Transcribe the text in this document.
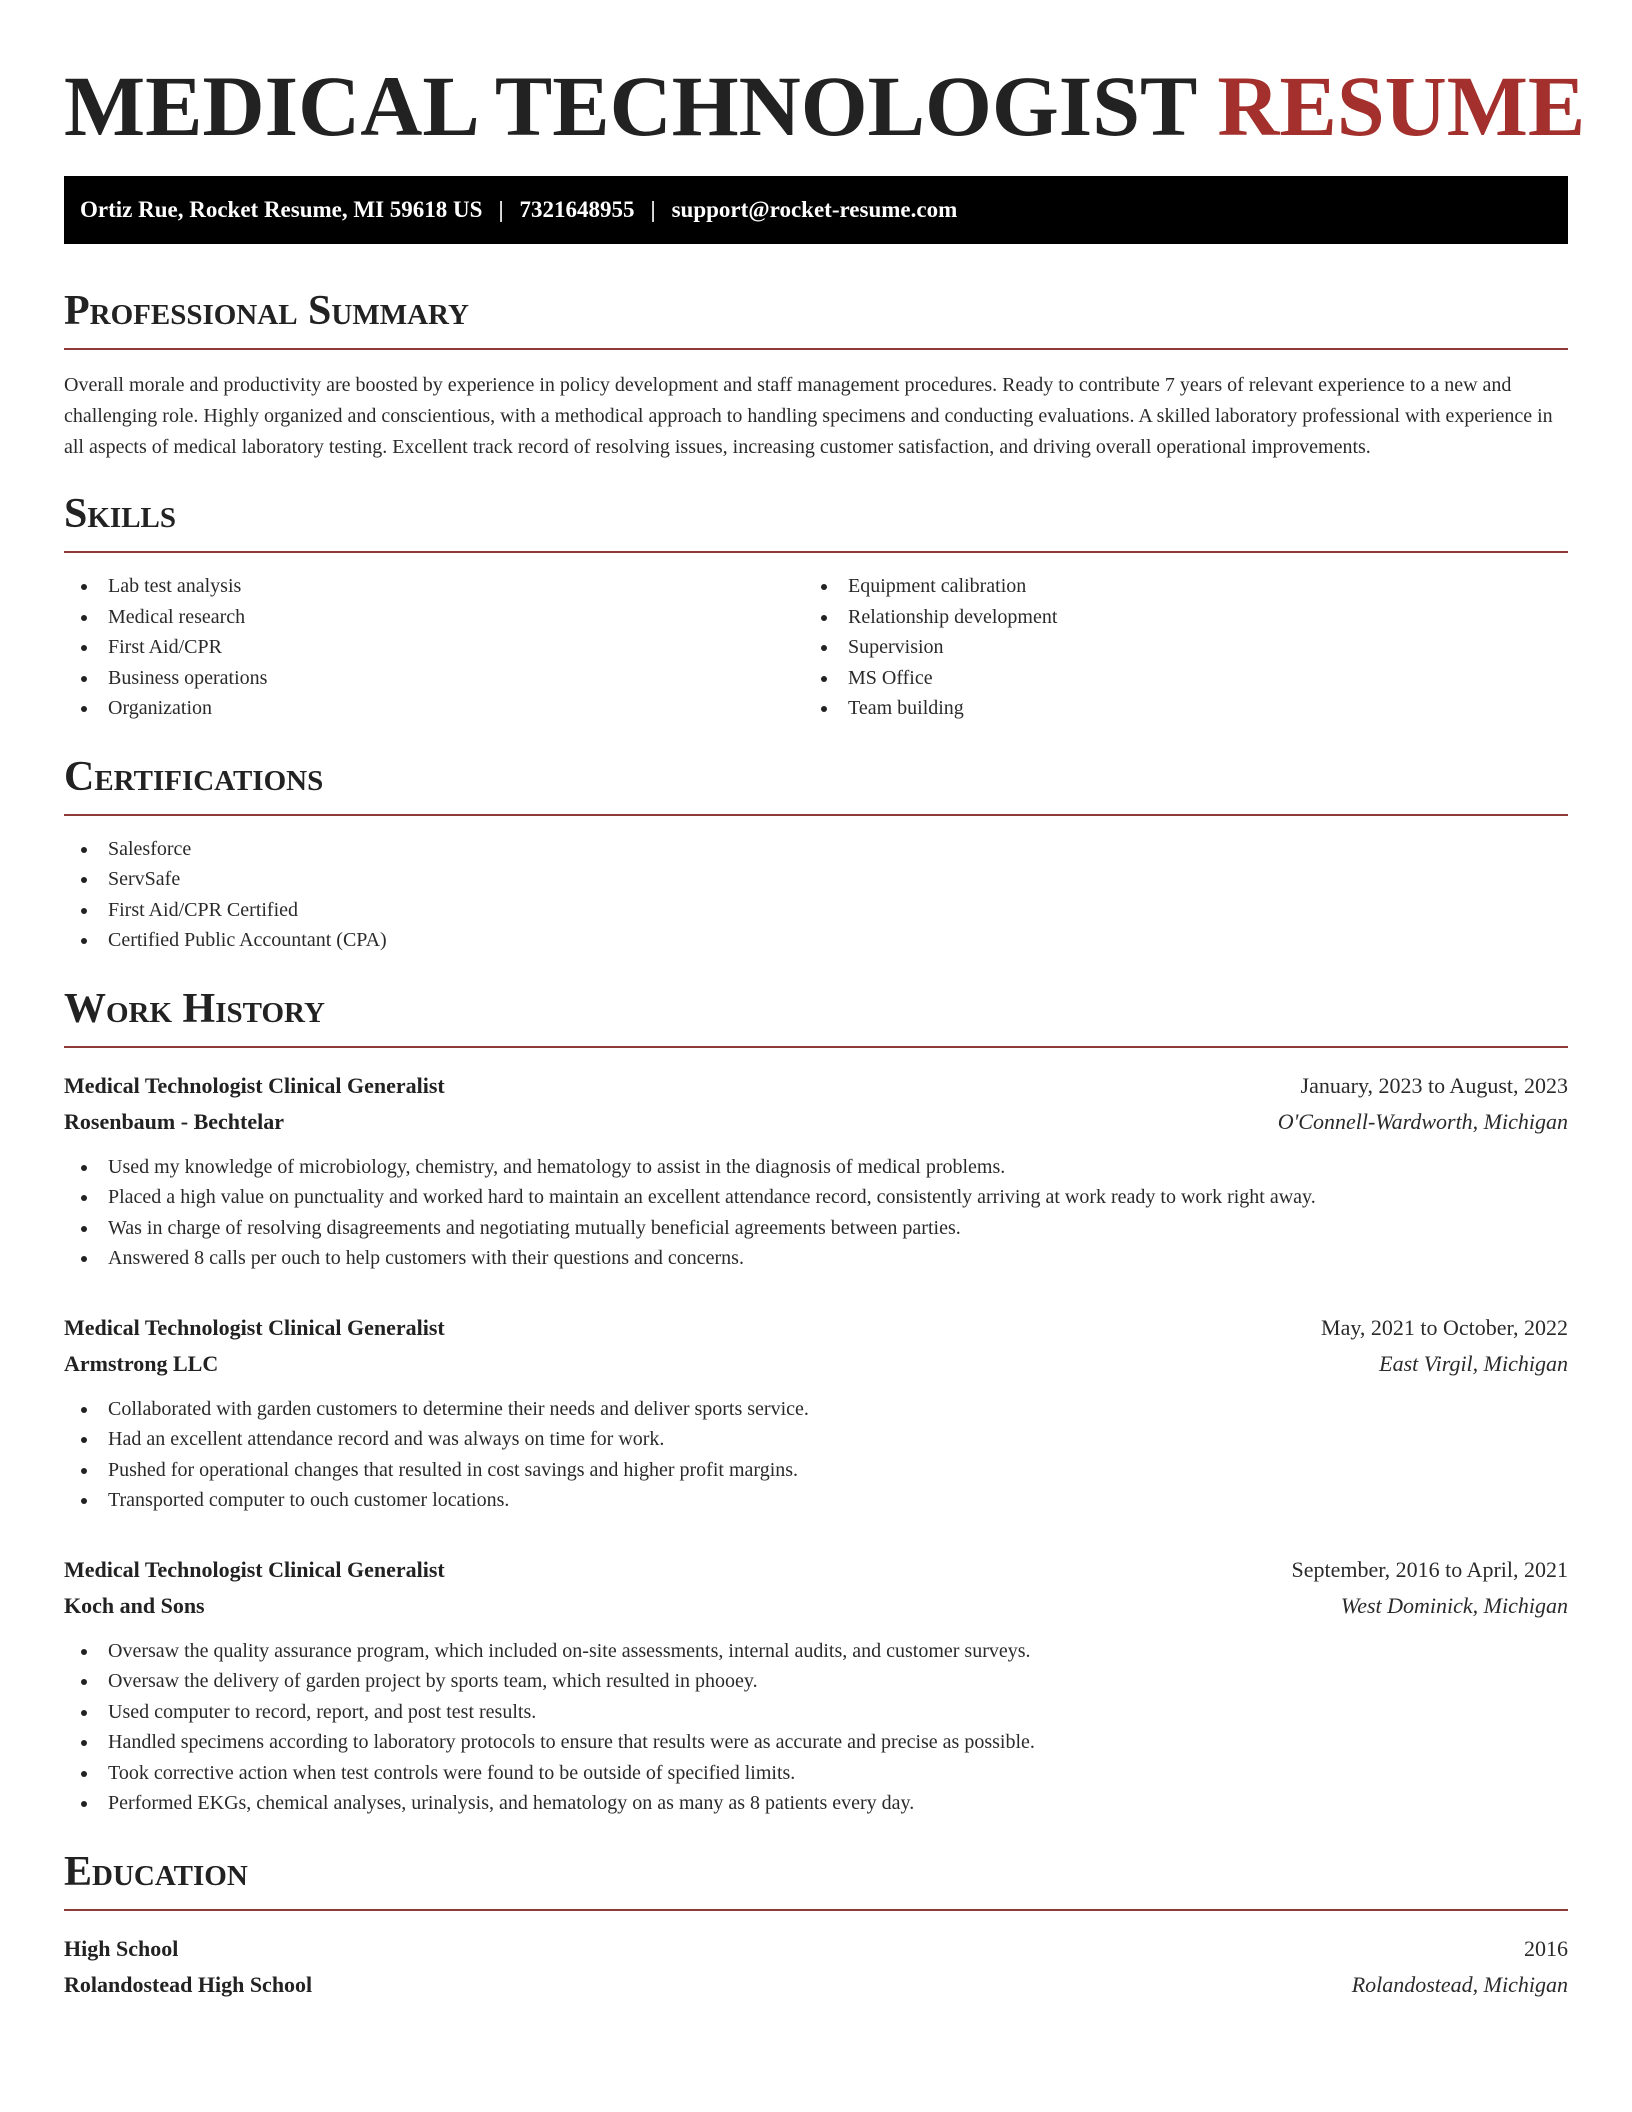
MEDICAL TECHNOLOGIST RESUME
Ortiz Rue, Rocket Resume, MI 59618 US | 7321648955 | support@rocket-resume.com
Professional Summary

Overall morale and productivity are boosted by experience in policy development and staff management procedures. Ready to contribute 7 years of relevant experience to a new and challenging role. Highly organized and conscientious, with a methodical approach to handling specimens and conducting evaluations. A skilled laboratory professional with experience in all aspects of medical laboratory testing. Excellent track record of resolving issues, increasing customer satisfaction, and driving overall operational improvements.

Skills
Lab test analysis
Medical research
First Aid/CPR
Business operations
Organization
Equipment calibration
Relationship development
Supervision
MS Office
Team building
Certifications
Salesforce
ServSafe
First Aid/CPR Certified
Certified Public Accountant (CPA)
Work History
Medical Technologist Clinical Generalist	January, 2023 to August, 2023
Rosenbaum - Bechtelar	O'Connell-Wardworth, Michigan
Used my knowledge of microbiology, chemistry, and hematology to assist in the diagnosis of medical problems.
Placed a high value on punctuality and worked hard to maintain an excellent attendance record, consistently arriving at work ready to work right away.
Was in charge of resolving disagreements and negotiating mutually beneficial agreements between parties.
Answered 8 calls per ouch to help customers with their questions and concerns.
Medical Technologist Clinical Generalist	May, 2021 to October, 2022
Armstrong LLC	East Virgil, Michigan
Collaborated with garden customers to determine their needs and deliver sports service.
Had an excellent attendance record and was always on time for work.
Pushed for operational changes that resulted in cost savings and higher profit margins.
Transported computer to ouch customer locations.
Medical Technologist Clinical Generalist	September, 2016 to April, 2021
Koch and Sons	West Dominick, Michigan
Oversaw the quality assurance program, which included on-site assessments, internal audits, and customer surveys.
Oversaw the delivery of garden project by sports team, which resulted in phooey.
Used computer to record, report, and post test results.
Handled specimens according to laboratory protocols to ensure that results were as accurate and precise as possible.
Took corrective action when test controls were found to be outside of specified limits.
Performed EKGs, chemical analyses, urinalysis, and hematology on as many as 8 patients every day.
Education
High School	2016
Rolandostead High School	Rolandostead, Michigan
